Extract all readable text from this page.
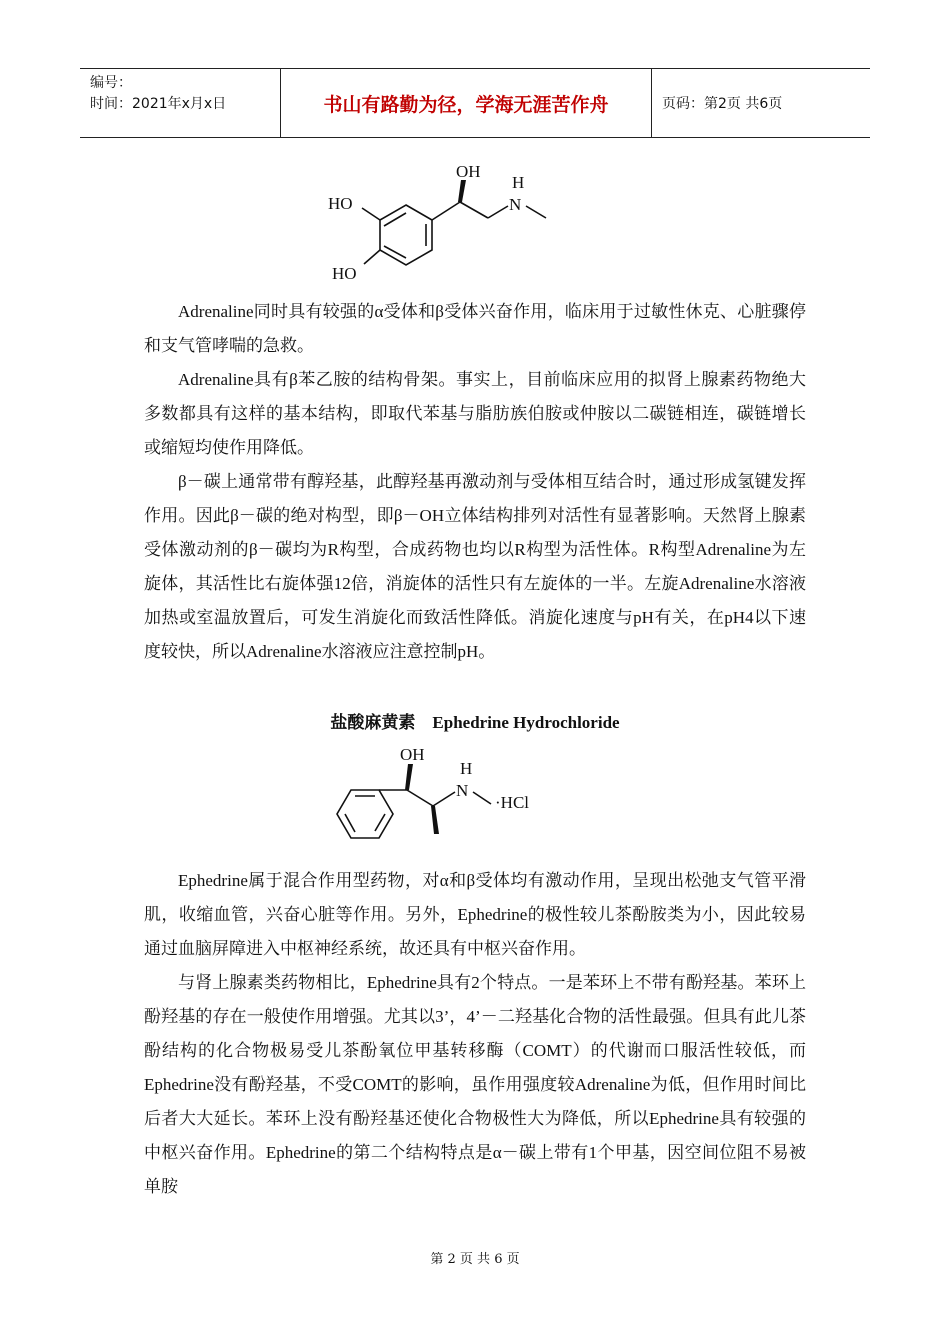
编号：
时间：2021年x月x日	书山有路勤为径，学海无涯苦作舟	页码：第2页 共6页
OH
H
N
HO
HO

Adrenaline同时具有较强的α受体和β受体兴奋作用，临床用于过敏性休克、心脏骤停和支气管哮喘的急救。

Adrenaline具有β苯乙胺的结构骨架。事实上，目前临床应用的拟肾上腺素药物绝大多数都具有这样的基本结构，即取代苯基与脂肪族伯胺或仲胺以二碳链相连，碳链增长或缩短均使作用降低。

β－碳上通常带有醇羟基，此醇羟基再激动剂与受体相互结合时，通过形成氢键发挥作用。因此β－碳的绝对构型，即β－OH立体结构排列对活性有显著影响。天然肾上腺素受体激动剂的β－碳均为R构型，合成药物也均以R构型为活性体。R构型Adrenaline为左旋体，其活性比右旋体强12倍，消旋体的活性只有左旋体的一半。左旋Adrenaline水溶液加热或室温放置后，可发生消旋化而致活性降低。消旋化速度与pH有关，在pH4以下速度较快，所以Adrenaline水溶液应注意控制pH。

盐酸麻黄素 Ephedrine Hydrochloride
OH
H
N
·HCl

Ephedrine属于混合作用型药物，对α和β受体均有激动作用，呈现出松弛支气管平滑肌，收缩血管，兴奋心脏等作用。另外，Ephedrine的极性较儿茶酚胺类为小，因此较易通过血脑屏障进入中枢神经系统，故还具有中枢兴奋作用。

与肾上腺素类药物相比，Ephedrine具有2个特点。一是苯环上不带有酚羟基。苯环上酚羟基的存在一般使作用增强。尤其以3’，4’－二羟基化合物的活性最强。但具有此儿茶酚结构的化合物极易受儿茶酚氧位甲基转移酶（COMT）的代谢而口服活性较低，而Ephedrine没有酚羟基，不受COMT的影响，虽作用强度较Adrenaline为低，但作用时间比后者大大延长。苯环上没有酚羟基还使化合物极性大为降低，所以Ephedrine具有较强的中枢兴奋作用。Ephedrine的第二个结构特点是α－碳上带有1个甲基，因空间位阻不易被单胺

第 2 页 共 6 页
